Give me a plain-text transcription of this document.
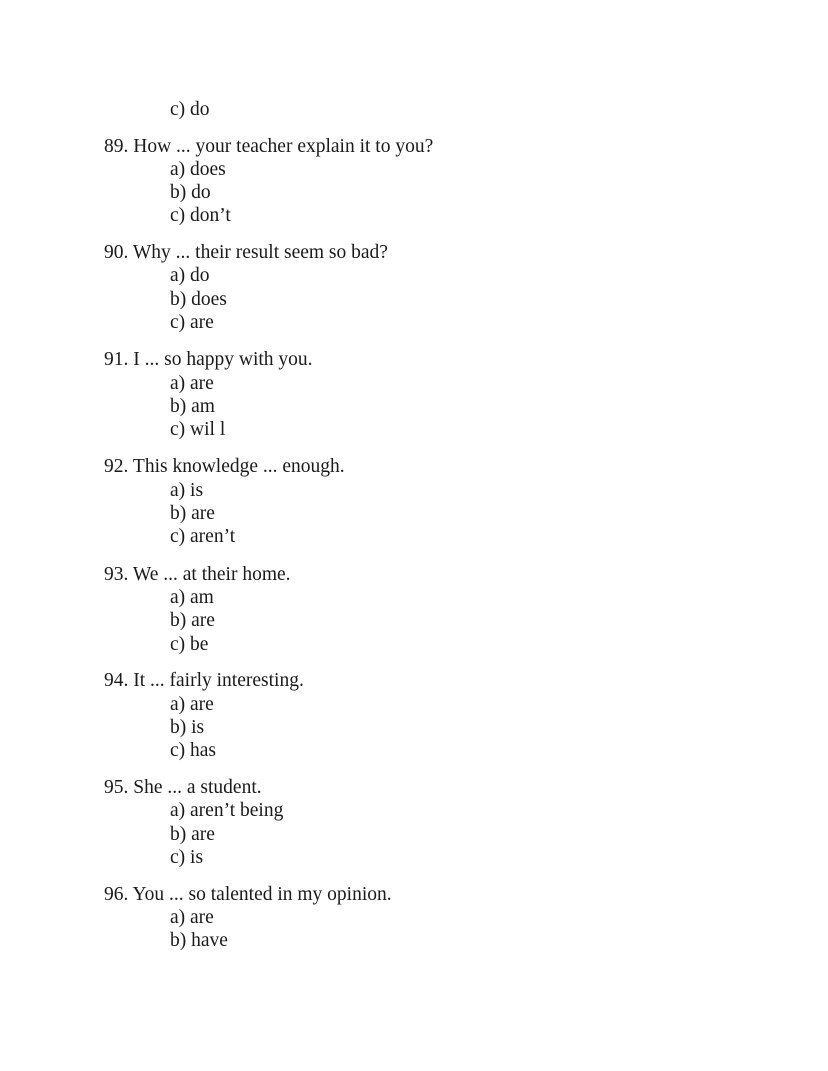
c) do
89. How ... your teacher explain it to you?
a) does
b) do
c) don’t
90. Why ... their result seem so bad?
a) do
b) does
c) are
91. I ... so happy with you.
a) are
b) am
c) wil l
92. This knowledge ... enough.
a) is
b) are
c) aren’t
93. We ... at their home.
a) am
b) are
c) be
94. It ... fairly interesting.
a) are
b) is
c) has
95. She ... a student.
a) aren’t being
b) are
c) is
96. You ... so talented in my opinion.
a) are
b) have
